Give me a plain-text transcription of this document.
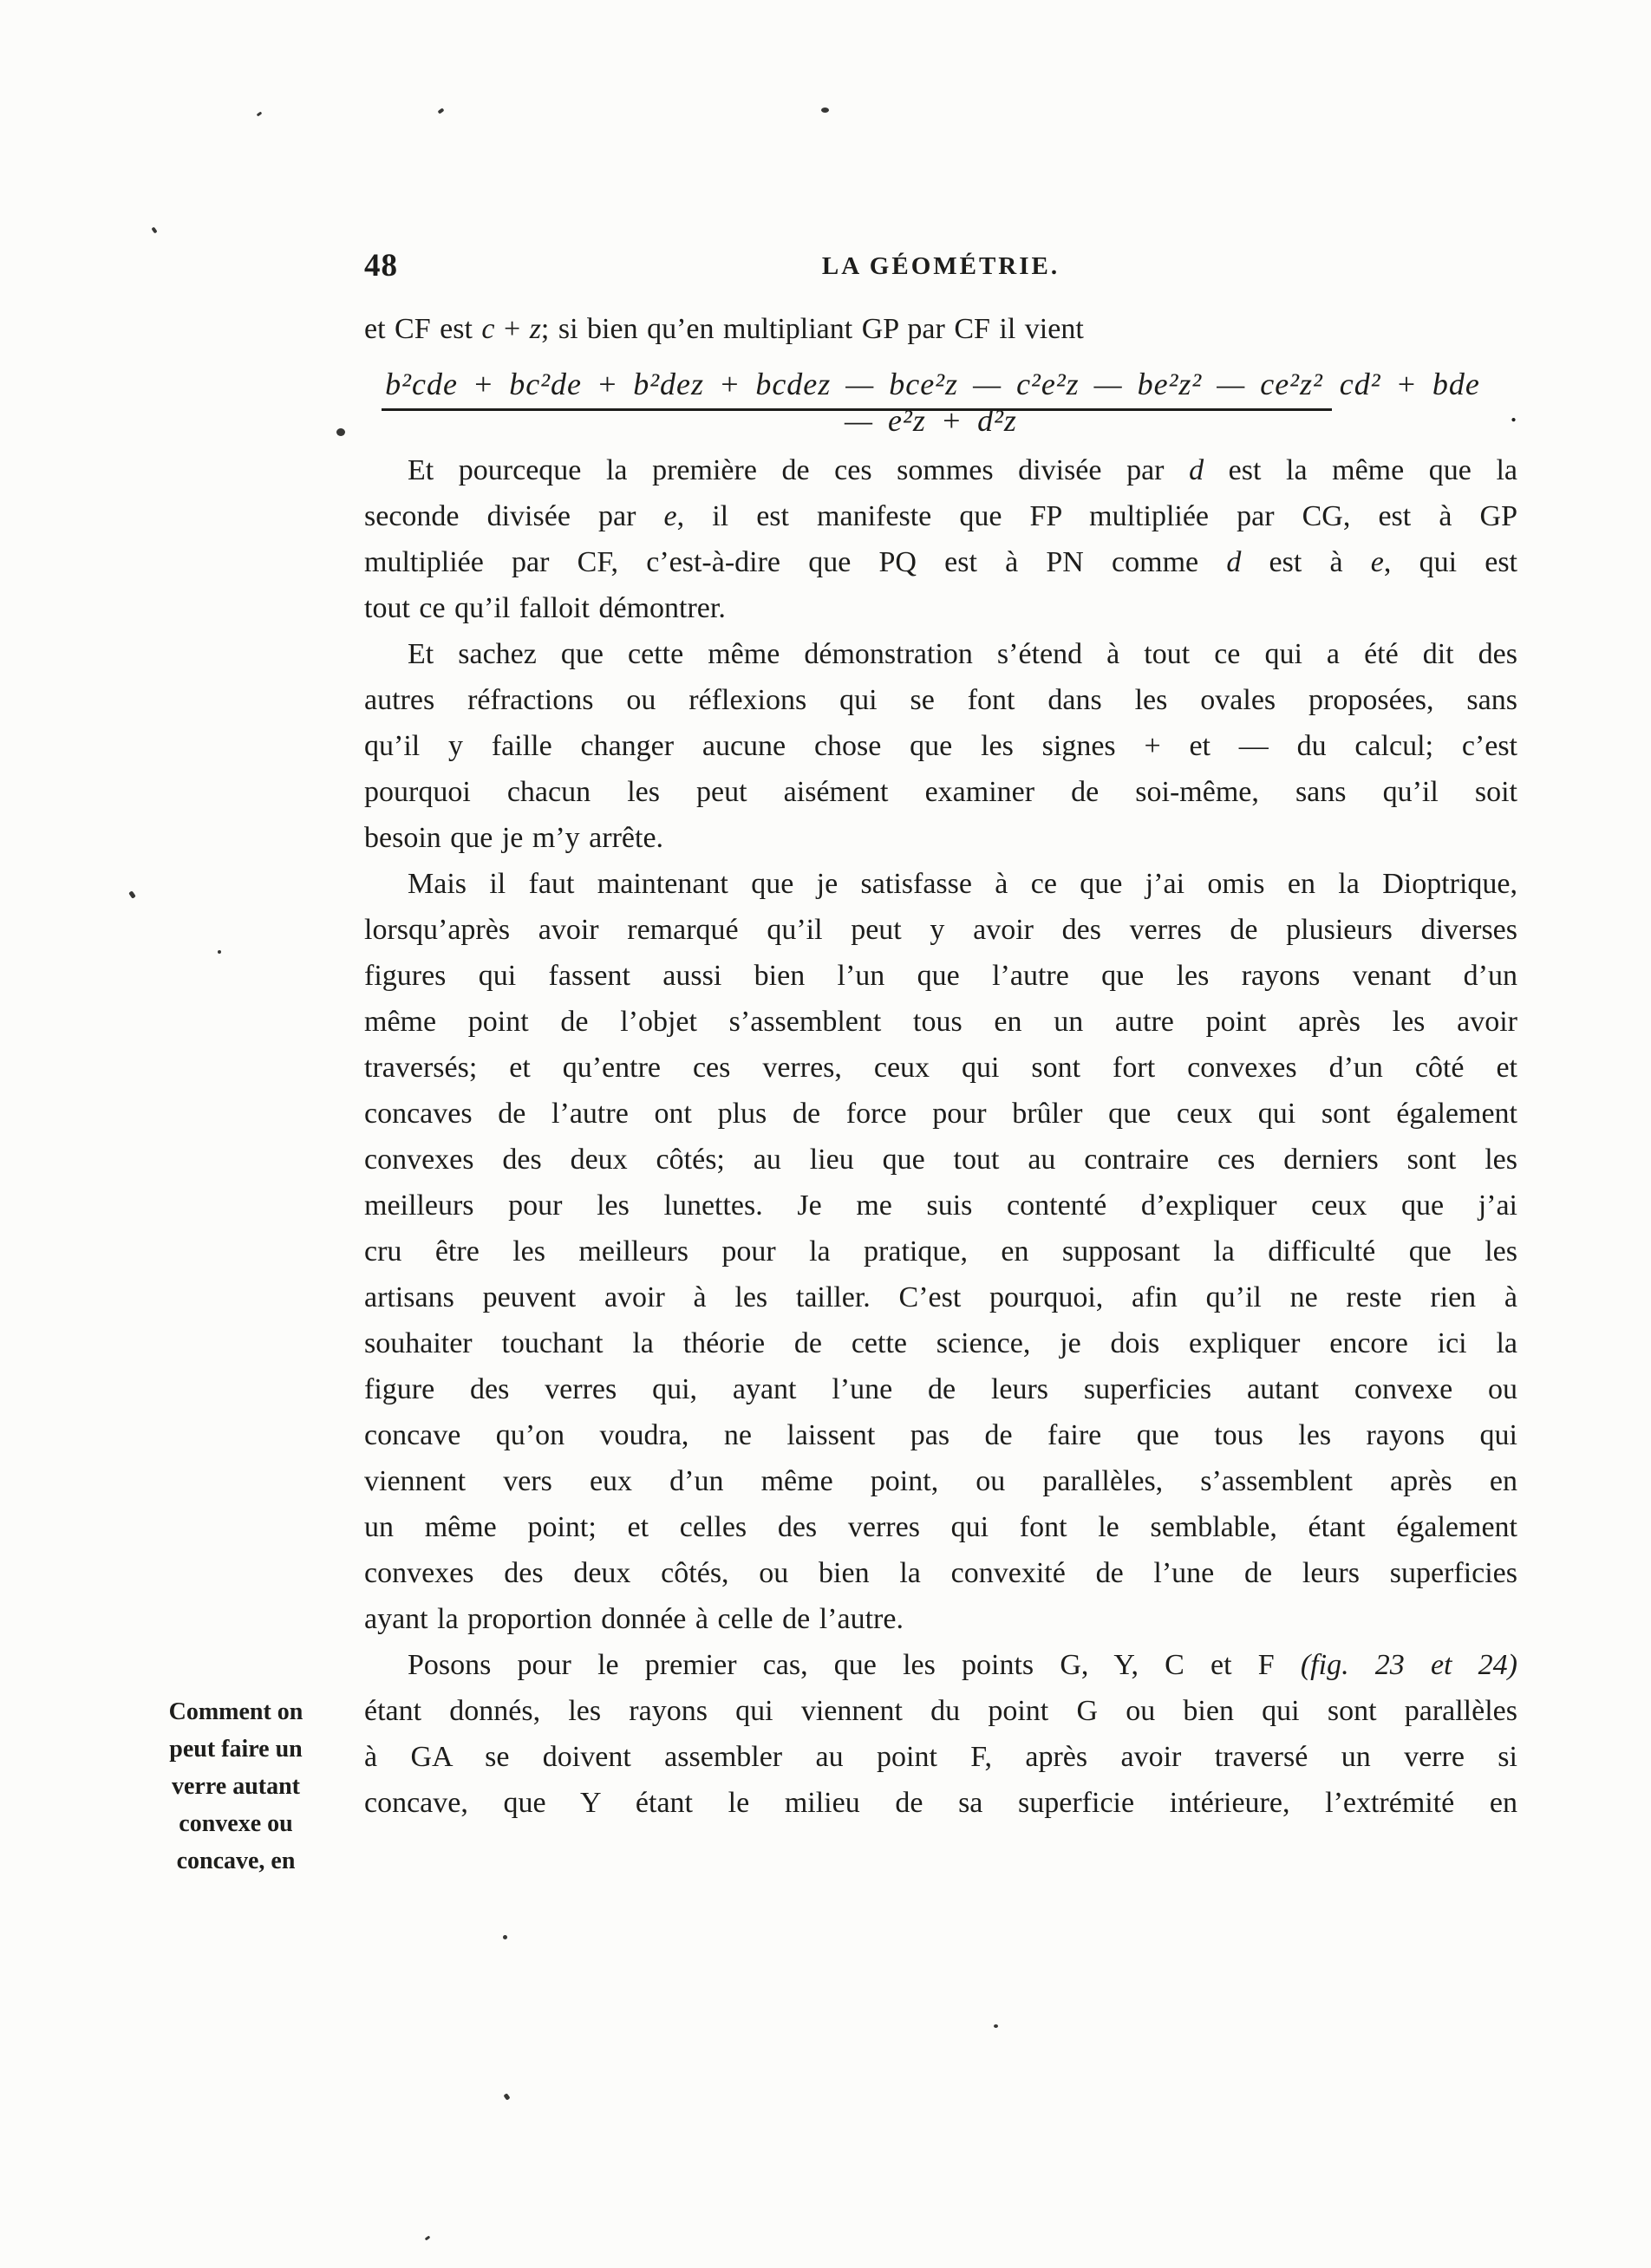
48	LA GÉOMÉTRIE.
et CF est c + z; si bien qu’en multipliant GP par CF il vient
b²cde + bc²de + b²dez + bcdez — bce²z — c²e²z — be²z² — ce²z² cd² + bde — e²z + d²z	.
Et pourceque la première de ces sommes divisée par d est la même que la
seconde divisée par e, il est manifeste que FP multipliée par CG, est à GP
multipliée par CF, c’est-à-dire que PQ est à PN comme d est à e, qui est
tout ce qu’il falloit démontrer.
Et sachez que cette même démonstration s’étend à tout ce qui a été dit des
autres réfractions ou réflexions qui se font dans les ovales proposées, sans
qu’il y faille changer aucune chose que les signes + et — du calcul; c’est
pourquoi chacun les peut aisément examiner de soi-même, sans qu’il soit
besoin que je m’y arrête.
Mais il faut maintenant que je satisfasse à ce que j’ai omis en la Dioptrique,
lorsqu’après avoir remarqué qu’il peut y avoir des verres de plusieurs diverses
figures qui fassent aussi bien l’un que l’autre que les rayons venant d’un
même point de l’objet s’assemblent tous en un autre point après les avoir
traversés; et qu’entre ces verres, ceux qui sont fort convexes d’un côté et
concaves de l’autre ont plus de force pour brûler que ceux qui sont également
convexes des deux côtés; au lieu que tout au contraire ces derniers sont les
meilleurs pour les lunettes. Je me suis contenté d’expliquer ceux que j’ai
cru être les meilleurs pour la pratique, en supposant la difficulté que les
artisans peuvent avoir à les tailler. C’est pourquoi, afin qu’il ne reste rien à
souhaiter touchant la théorie de cette science, je dois expliquer encore ici la
figure des verres qui, ayant l’une de leurs superficies autant convexe ou
concave qu’on voudra, ne laissent pas de faire que tous les rayons qui
viennent vers eux d’un même point, ou parallèles, s’assemblent après en
un même point; et celles des verres qui font le semblable, étant également
convexes des deux côtés, ou bien la convexité de l’une de leurs superficies
ayant la proportion donnée à celle de l’autre.
Posons pour le premier cas, que les points G, Y, C et F (fig. 23 et 24)
étant donnés, les rayons qui viennent du point G ou bien qui sont parallèles
à GA se doivent assembler au point F, après avoir traversé un verre si
concave, que Y étant le milieu de sa superficie intérieure, l’extrémité en
Comment on
peut faire un
verre autant
convexe ou
concave, en
